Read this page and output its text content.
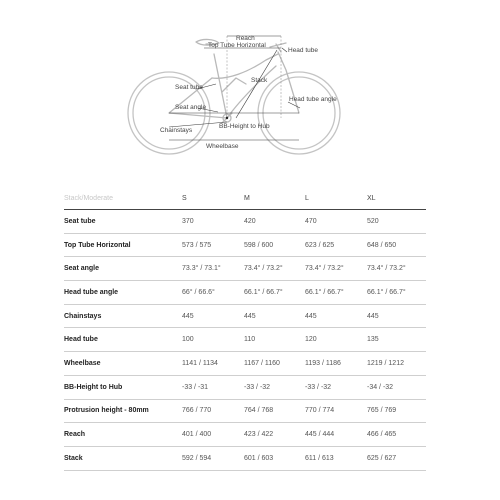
Reach
Top Tube Horizontal
Head tube
Stack
Seat tube
Seat angle
Head tube angle
BB-Height to Hub
Chainstays
Wheelbase
Stack/Moderate	S	M	L	XL
Seat tube	370	420	470	520
Top Tube Horizontal	573 / 575	598 / 600	623 / 625	648 / 650
Seat angle	73.3° / 73.1°	73.4° / 73.2°	73.4° / 73.2°	73.4° / 73.2°
Head tube angle	66° / 66.6°	66.1° / 66.7°	66.1° / 66.7°	66.1° / 66.7°
Chainstays	445	445	445	445
Head tube	100	110	120	135
Wheelbase	1141 / 1134	1167 / 1160	1193 / 1186	1219 / 1212
BB-Height to Hub	-33 / -31	-33 / -32	-33 / -32	-34 / -32
Protrusion height - 80mm	766 / 770	764 / 768	770 / 774	765 / 769
Reach	401 / 400	423 / 422	445 / 444	466 / 465
Stack	592 / 594	601 / 603	611 / 613	625 / 627
